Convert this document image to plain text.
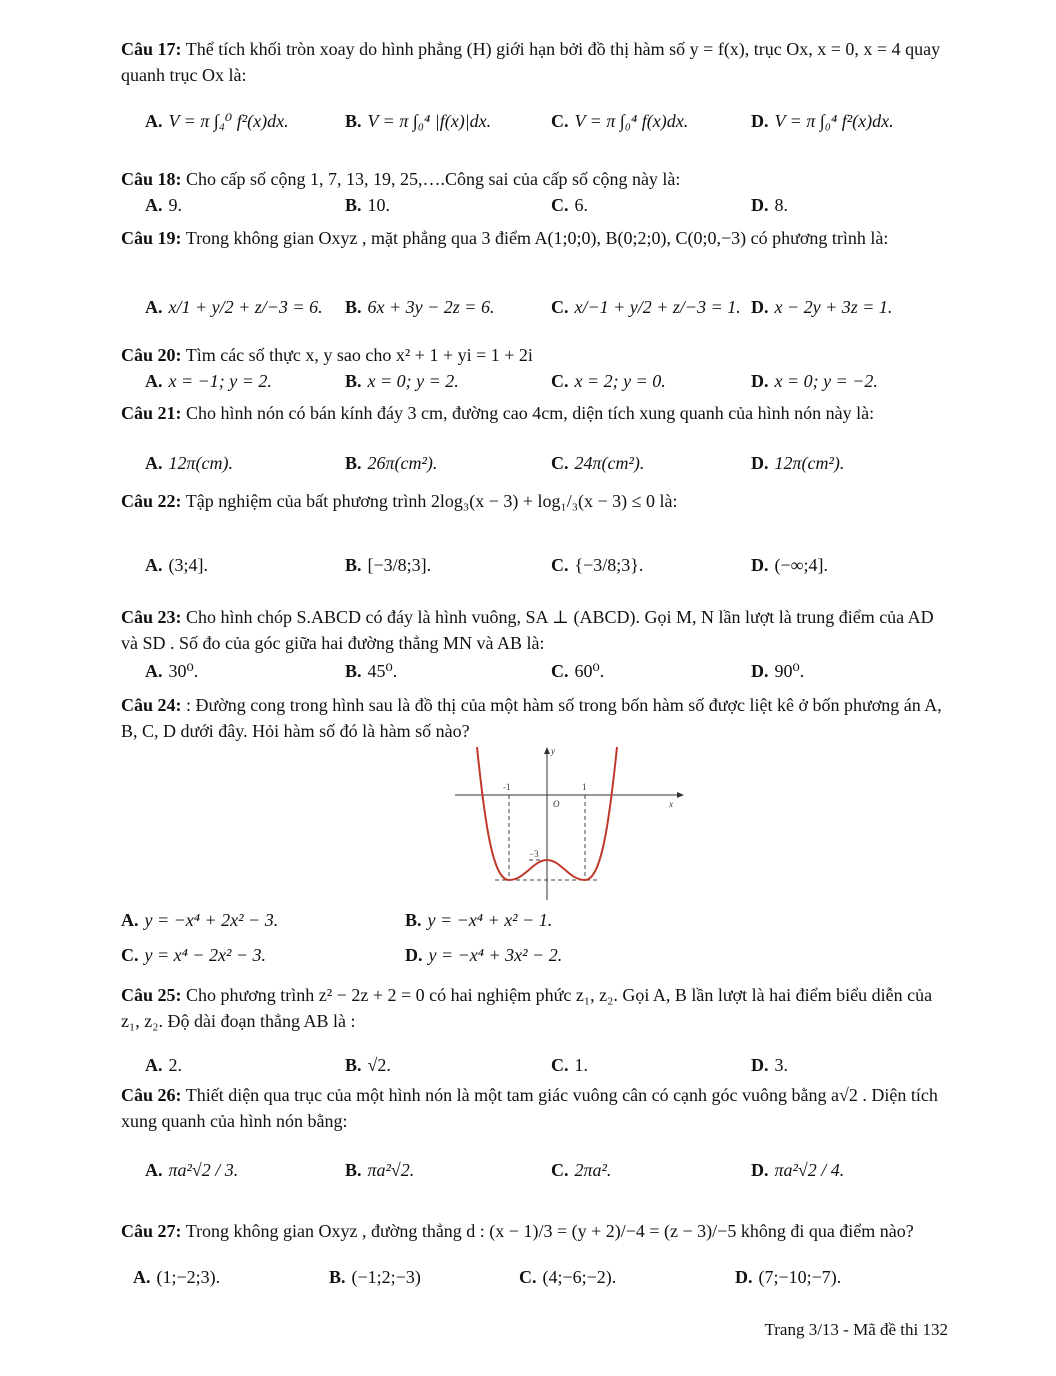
Câu 17: Thể tích khối tròn xoay do hình phẳng (H) giới hạn bởi đồ thị hàm số y = f(x), trục Ox, x = 0, x = 4 quay quanh trục Ox là:
A. V = π ∫₄⁰ f²(x)dx.	B. V = π ∫₀⁴ |f(x)|dx.	C. V = π ∫₀⁴ f(x)dx.	D. V = π ∫₀⁴ f²(x)dx.
Câu 18: Cho cấp số cộng 1, 7, 13, 19, 25,….Công sai của cấp số cộng này là:
A. 9.	B. 10.	C. 6.	D. 8.
Câu 19: Trong không gian Oxyz , mặt phẳng qua 3 điểm A(1;0;0), B(0;2;0), C(0;0,−3) có phương trình là:
A. x/1 + y/2 + z/−3 = 6. B. 6x + 3y − 2z = 6.	C. x/−1 + y/2 + z/−3 = 1. D. x − 2y + 3z = 1.
Câu 20: Tìm các số thực x, y sao cho x² + 1 + yi = 1 + 2i
A. x = −1; y = 2.	B. x = 0; y = 2.	C. x = 2; y = 0.	D. x = 0; y = −2.
Câu 21: Cho hình nón có bán kính đáy 3 cm, đường cao 4cm, diện tích xung quanh của hình nón này là:
A. 12π(cm).	B. 26π(cm²).	C. 24π(cm²).	D. 12π(cm²).
Câu 22: Tập nghiệm của bất phương trình 2log₃(x − 3) + log₁/₃(x − 3) ≤ 0 là:
A. (3;4].	B. [−3/8;3].	C. {−3/8;3}.	D. (−∞;4].
Câu 23: Cho hình chóp S.ABCD có đáy là hình vuông, SA ⊥ (ABCD). Gọi M, N lần lượt là trung điểm của AD và SD . Số đo của góc giữa hai đường thẳng MN và AB là:
A. 30⁰.	B. 45⁰.	C. 60⁰.	D. 90⁰.
Câu 24: : Đường cong trong hình sau là đồ thị của một hàm số trong bốn hàm số được liệt kê ở bốn phương án A, B, C, D dưới đây. Hỏi hàm số đó là hàm số nào?
y
x
O
-1	1
−3
A. y = −x⁴ + 2x² − 3.	B. y = −x⁴ + x² − 1.
C. y = x⁴ − 2x² − 3.	D. y = −x⁴ + 3x² − 2.
Câu 25: Cho phương trình z² − 2z + 2 = 0 có hai nghiệm phức z₁, z₂. Gọi A, B lần lượt là hai điểm biểu diễn của z₁, z₂. Độ dài đoạn thẳng AB là :
A. 2.	B. √2.	C. 1.	D. 3.
Câu 26: Thiết diện qua trục của một hình nón là một tam giác vuông cân có cạnh góc vuông bằng a√2 . Diện tích xung quanh của hình nón bằng:
A. πa²√2 / 3.	B. πa²√2.	C. 2πa².	D. πa²√2 / 4.
Câu 27: Trong không gian Oxyz , đường thẳng d : (x − 1)/3 = (y + 2)/−4 = (z − 3)/−5 không đi qua điểm nào?
A. (1;−2;3).	B. (−1;2;−3)	C. (4;−6;−2).	D. (7;−10;−7).
Trang 3/13 - Mã đề thi 132
